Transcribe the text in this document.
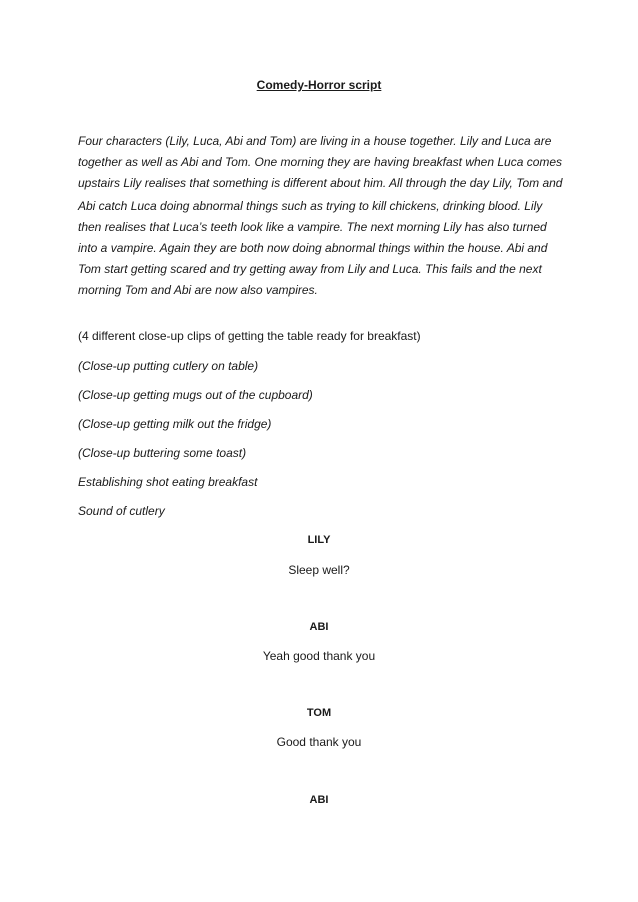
Comedy-Horror script

Four characters (Lily, Luca, Abi and Tom) are living in a house together. Lily and Luca are together as well as Abi and Tom. One morning they are having breakfast when Luca comes upstairs Lily realises that something is different about him. All through the day Lily, Tom and

Abi catch Luca doing abnormal things such as trying to kill chickens, drinking blood. Lily then realises that Luca’s teeth look like a vampire. The next morning Lily has also turned into a vampire. Again they are both now doing abnormal things within the house. Abi and Tom start getting scared and try getting away from Lily and Luca. This fails and the next morning Tom and Abi are now also vampires.

(4 different close-up clips of getting the table ready for breakfast)

(Close-up putting cutlery on table)

(Close-up getting mugs out of the cupboard)

(Close-up getting milk out the fridge)

(Close-up buttering some toast)

Establishing shot eating breakfast

Sound of cutlery

LILY
Sleep well?
ABI
Yeah good thank you
TOM
Good thank you
ABI
